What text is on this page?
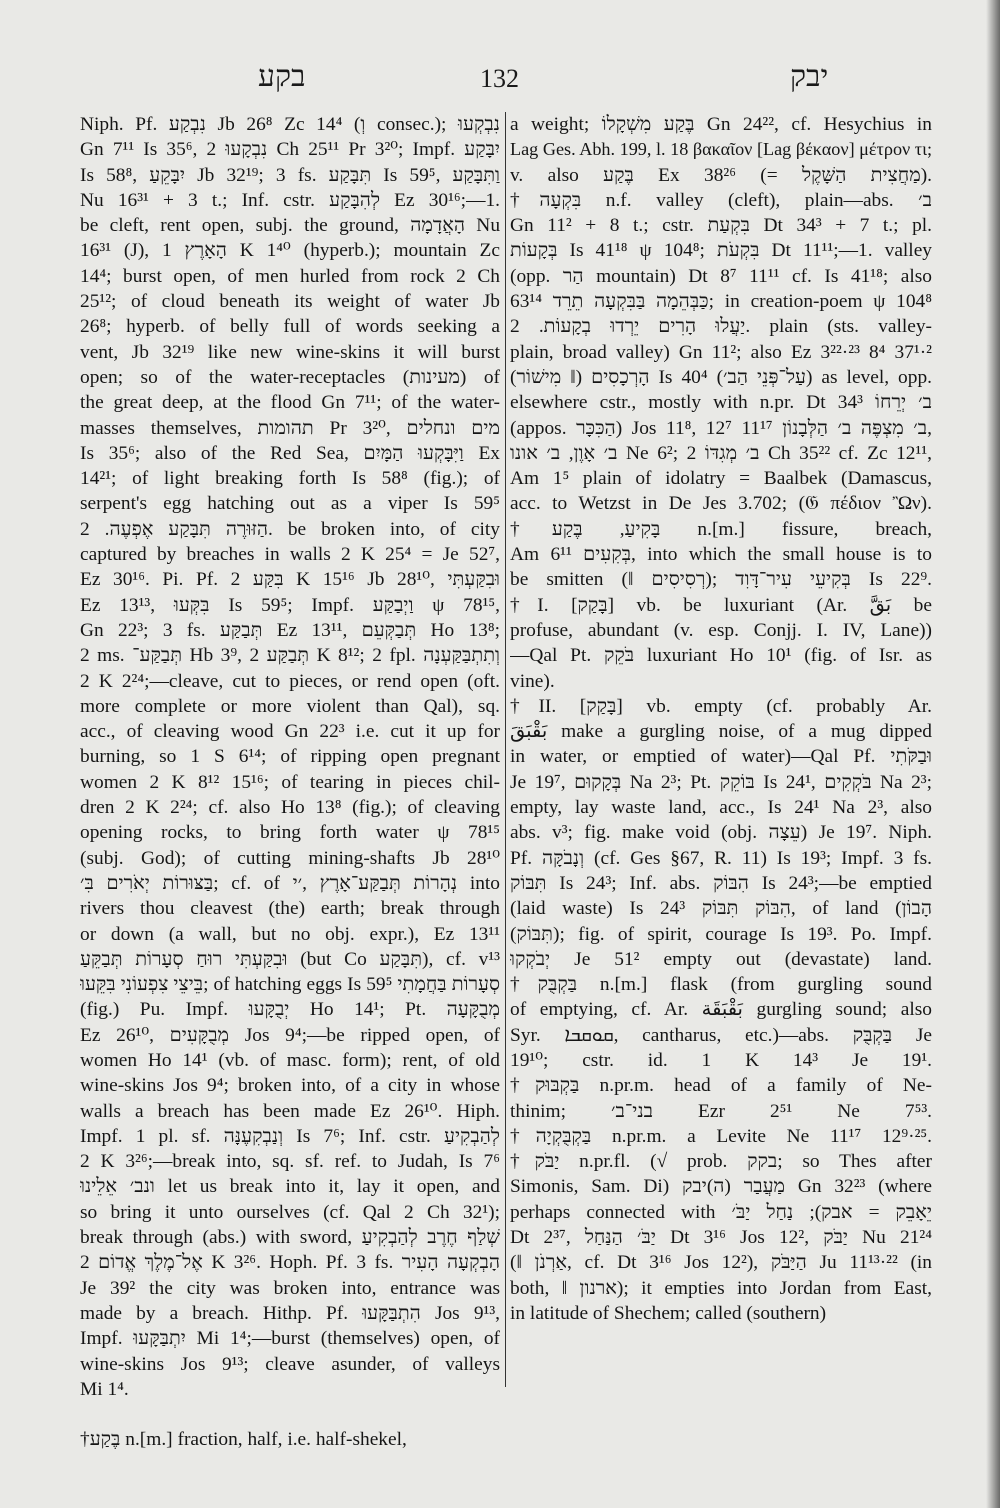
בקע	132	יבק
Niph. Pf. נִבְקַע Jb 26⁸ Zc 14⁴ (וְ consec.); נִבְקְעוּ
Gn 7¹¹ Is 35⁶, נִבְקָעוּ 2 Ch 25¹¹ Pr 3²⁰; Impf. יִבָּקַע
Is 58⁸, יִבָּקֵעַ Jb 32¹⁹; 3 fs. תִּבָּקַע Is 59⁵, וַתִּבָּקַע
Nu 16³¹ + 3 t.; Inf. cstr. לְהִבָּקַע Ez 30¹⁶;—1.
be cleft, rent open, subj. the ground, הָאֲדָמָה Nu
16³¹ (J), הָאָרֶץ 1 K 1⁴⁰ (hyperb.); mountain Zc
14⁴; burst open, of men hurled from rock 2 Ch
25¹²; of cloud beneath its weight of water Jb
26⁸; hyperb. of belly full of words seeking a
vent, Jb 32¹⁹ like new wine-skins it will burst
open; so of the water-receptacles (מעינות) of
the great deep, at the flood Gn 7¹¹; of the water-
masses themselves, תהומות Pr 3²⁰, מים ונחלים
Is 35⁶; also of the Red Sea, וַיִּבָּקְעוּ הַמָּיִם Ex
14²¹; of light breaking forth Is 58⁸ (fig.); of
serpent's egg hatching out as a viper Is 59⁵
הַזּוּרֶה תִּבָּקַע אֶפְעֶה. 2. be broken into, of city
captured by breaches in walls 2 K 25⁴ = Je 52⁷,
Ez 30¹⁶. Pi. Pf. בִּקַּע 2 K 15¹⁶ Jb 28¹⁰, וּבִקַּעְתִּי
Ez 13¹³, בִּקְּעוּ Is 59⁵; Impf. וַיְבַקַּע ψ 78¹⁵,
Gn 22³; 3 fs. תְּבַקַּע Ez 13¹¹, תְּבַקְּעֵם Ho 13⁸;
2 ms. תְּבַקַּע־ Hb 3⁹, תְּבַקַּע 2 K 8¹²; 2 fpl. וְתִתְבַּקַּעְנָה
2 K 2²⁴;—cleave, cut to pieces, or rend open (oft.
more complete or more violent than Qal), sq.
acc., of cleaving wood Gn 22³ i.e. cut it up for
burning, so 1 S 6¹⁴; of ripping open pregnant
women 2 K 8¹² 15¹⁶; of tearing in pieces chil-
dren 2 K 2²⁴; cf. also Ho 13⁸ (fig.); of cleaving
opening rocks, to bring forth water ψ 78¹⁵
(subj. God); of cutting mining-shafts Jb 28¹⁰
בַּצּוּרוֹת יְאֹרִים בִּ׳; cf. of נְהָרוֹת תְּבַקַּע־אָרֶץ ,׳י into
rivers thou cleavest (the) earth; break through
or down (a wall, but no obj. expr.), Ez 13¹¹
וּבִקַּעְתִּי רוּחַ סְעָרוֹת תְּבַקֵּעַ (but Co תִּבָּקַע), cf. v¹³
בֵּיצֵי צִפְעוֹנִי בִּקֵּעוּ; of hatching eggs Is 59⁵ סְעָרוֹת בַּחֲמָתִי
(fig.) Pu. Impf. יְבֻקָּעוּ Ho 14¹; Pt. מְבֻקָּעָה
Ez 26¹⁰, מְבֻקָּעִים Jos 9⁴;—be ripped open, of
women Ho 14¹ (vb. of masc. form); rent, of old
wine-skins Jos 9⁴; broken into, of a city in whose
walls a breach has been made Ez 26¹⁰. Hiph.
Impf. 1 pl. sf. וְנַבְקִעֶנָּה Is 7⁶; Inf. cstr. לְהַבְקִיעַ
2 K 3²⁶;—break into, sq. sf. ref. to Judah, Is 7⁶
ונב׳ אֵלֵינוּ let us break into it, lay it open, and
so bring it unto ourselves (cf. Qal 2 Ch 32¹);
break through (abs.) with sword, שְׁלַף חֶרֶב לְהַבְקִיעַ
אֶל־מֶלֶךְ אֱדוֹם 2 K 3²⁶. Hoph. Pf. 3 fs. הָבְקְעָה הָעִיר
Je 39² the city was broken into, entrance was
made by a breach. Hithp. Pf. הִתְבַּקָּעוּ Jos 9¹³,
Impf. יִתְבַּקָּעוּ Mi 1⁴;—burst (themselves) open, of
wine-skins Jos 9¹³; cleave asunder, of valleys
Mi 1⁴.
†בֶּקַע n.[m.] fraction, half, i.e. half-shekel,
a weight; בֶּקַע מִשְׁקָלוֹ Gn 24²², cf. Hesychius in
Lag Ges. Abh. 199, l. 18 βακαῖον [Lag βέκαον] μέτρον τι;
v. also בֶּקַע Ex 38²⁶ (= מַחֲצִית הַשָּׁקֶל).
†בִּקְעָה n.f. valley (cleft), plain—abs. ב׳
Gn 11² + 8 t.; cstr. בִּקְעַת Dt 34³ + 7 t.; pl.
בְּקָעוֹת Is 41¹⁸ ψ 104⁸; בִּקְעֹת Dt 11¹¹;—1. valley
(opp. הַר mountain) Dt 8⁷ 11¹¹ cf. Is 41¹⁸; also
63¹⁴ כַּבְּהֵמָה בַּבִּקְעָה תֵרֵד; in creation-poem ψ 104⁸
יַעֲלוּ הָרִים יֵרְדוּ בְקָעוֹת. 2. plain (sts. valley-
plain, broad valley) Gn 11²; also Ez 3²²·²³ 8⁴ 37¹·²
(מִישׁוֹר ‖) הָרְכָסִים Is 40⁴ (עַל־פְּנֵי הַב׳) as level, opp.
elsewhere cstr., mostly with n.pr. Dt 34³ ב׳ יְרֵחוֹ
(appos. הַכִּכָּר) Jos 11⁸, ב׳ מִצְפֶּה ב׳ הַלְּבָנוֹן 11¹⁷ 12⁷,
ב׳ אָוֶן, ב׳ אונו Ne 6²; ב׳ מְגִדּוֹ 2 Ch 35²² cf. Zc 12¹¹,
Am 1⁵ plain of idolatry = Baalbek (Damascus,
acc. to Wetzst in De Jes 3.702; (𝔊 πέδιον Ὢν).
†בָּקִיעַ, בֶּקַע n.[m.] fissure, breach,
Am 6¹¹ בְּקִעִים, into which the small house is to
be smitten (‖ רְסִיסִים); בְּקִיעֵי עִיר־דָּוִד Is 22⁹.
†I. [בָּקַק] vb. be luxuriant (Ar. بَقَّ be
profuse, abundant (v. esp. Conjj. I. IV, Lane))
—Qal Pt. בֹּקֵק luxuriant Ho 10¹ (fig. of Isr. as
vine).
†II. [בָּקַק] vb. empty (cf. probably Ar.
بَقْبَقَ make a gurgling noise, of a mug dipped
in water, or emptied of water)—Qal Pf. וּבַקֹּתִי
Je 19⁷, בְּקָקוּם Na 2³; Pt. בּוֹקֵק Is 24¹, בֹּקְקִים Na 2³;
empty, lay waste land, acc., Is 24¹ Na 2³, also
abs. v³; fig. make void (obj. עֵצָה) Je 19⁷. Niph.
Pf. וְנָבֹקָּה (cf. Ges §67, R. 11) Is 19³; Impf. 3 fs.
תִּבּוֹק Is 24³; Inf. abs. הִבּוֹק Is 24³;—be emptied
(laid waste) Is 24³ הִבּוֹק תִּבּוֹק, of land (הָבוֹן
(תִּבּוֹק); fig. of spirit, courage Is 19³. Po. Impf.
יְבֹקְקוּ Je 51² empty out (devastate) land.
†בַּקְבֻּק n.[m.] flask (from gurgling sound
of emptying, cf. Ar. بَقْبَقَة gurgling sound; also
Syr. ܩܘܩܒܐ, cantharus, etc.)—abs. בַּקְבֻּק Je
19¹⁰; cstr. id. 1 K 14³ Je 19¹.
†בַּקְבּוּק n.pr.m. head of a family of Ne-
thinim; בני־ב׳ Ezr 2⁵¹ Ne 7⁵³.
†בַּקְבֻּקְיָה n.pr.m. a Levite Ne 11¹⁷ 12⁹·²⁵.
†יַבֹּק n.pr.fl. (√ prob. בקק; so Thes after
Simonis, Sam. Di) מַעֲבַר (ה)יבק Gn 32²³ (where
perhaps connected with יֵאָבֵק = אבק); נַחַל יַבֹּ׳
Dt 2³⁷, יַבֹּ׳ הַנַּחַל Dt 3¹⁶ Jos 12², יַבֹּק Nu 21²⁴
(‖ אַרְנֹן, cf. Dt 3¹⁶ Jos 12²), הַיַּבֹּק Ju 11¹³·²² (in
both, ‖ ארנון); it empties into Jordan from East,
in latitude of Shechem; called (southern)
